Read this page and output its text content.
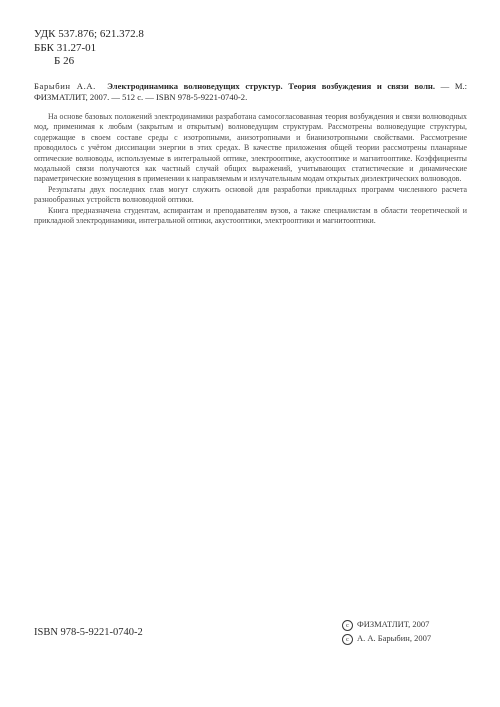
УДК 537.876; 621.372.8
ББК 31.27-01
Б 26
Барыбин А.А. Электродинамика волноведущих структур. Теория возбуждения и связи волн. — М.: ФИЗМАТЛИТ, 2007. — 512 с. — ISBN 978-5-9221-0740-2.

На основе базовых положений электродинамики разработана самосогласованная теория возбуждения и связи волноводных мод, применимая к любым (закрытым и открытым) волноведущим структурам. Рассмотрены волноведущие структуры, содержащие в своем составе среды с изотропными, анизотропными и бианизотропными свойствами. Рассмотрение проводилось с учётом диссипации энергии в этих средах. В качестве приложения общей теории рассмотрены планарные оптические волноводы, используемые в интегральной оптике, электрооптике, акустооптике и магнитооптике. Коэффициенты модальной связи получаются как частный случай общих выражений, учитывающих статистические и динамические параметрические возмущения в применении к направляемым и излучательным модам открытых диэлектрических волноводов.

Результаты двух последних глав могут служить основой для разработки прикладных программ численного расчета разнообразных устройств волноводной оптики.

Книга предназначена студентам, аспирантам и преподавателям вузов, а также специалистам в области теоретической и прикладной электродинамики, интегральной оптики, акустооптики, электрооптики и магнитооптики.

ISBN 978-5-9221-0740-2
c ФИЗМАТЛИТ, 2007
c А. А. Барыбин, 2007
